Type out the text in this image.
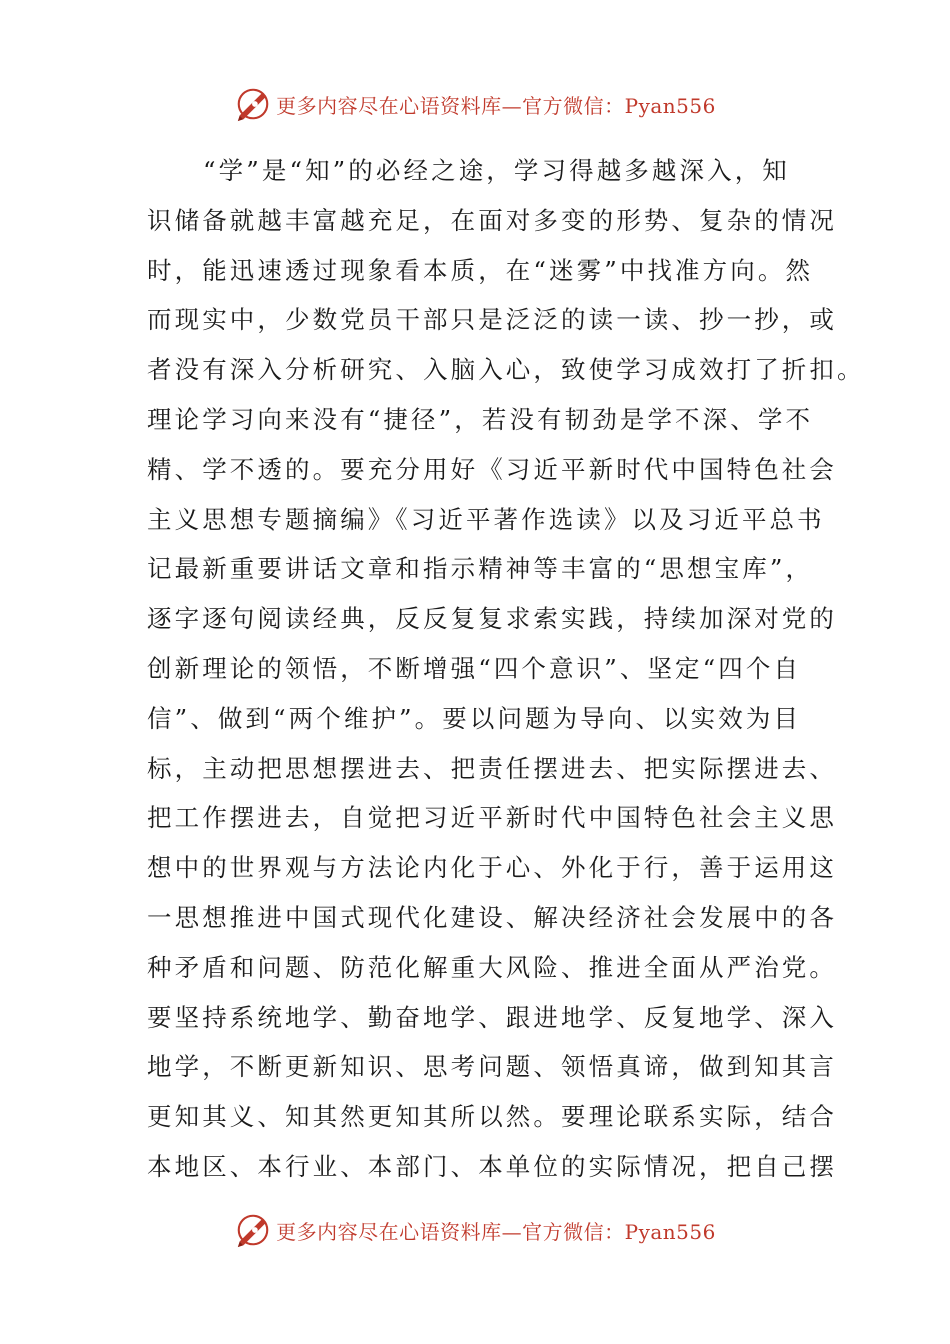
更多内容尽在心语资料库—官方微信：Pyan556
“学”是“知”的必经之途，学习得越多越深入，知
识储备就越丰富越充足，在面对多变的形势、复杂的情况
时，能迅速透过现象看本质，在“迷雾”中找准方向。然
而现实中，少数党员干部只是泛泛的读一读、抄一抄，或
者没有深入分析研究、入脑入心，致使学习成效打了折扣。
理论学习向来没有“捷径”，若没有韧劲是学不深、学不
精、学不透的。要充分用好《习近平新时代中国特色社会
主义思想专题摘编》《习近平著作选读》以及习近平总书
记最新重要讲话文章和指示精神等丰富的“思想宝库”，
逐字逐句阅读经典，反反复复求索实践，持续加深对党的
创新理论的领悟，不断增强“四个意识”、坚定“四个自
信”、做到“两个维护”。要以问题为导向、以实效为目
标，主动把思想摆进去、把责任摆进去、把实际摆进去、
把工作摆进去，自觉把习近平新时代中国特色社会主义思
想中的世界观与方法论内化于心、外化于行，善于运用这
一思想推进中国式现代化建设、解决经济社会发展中的各
种矛盾和问题、防范化解重大风险、推进全面从严治党。
要坚持系统地学、勤奋地学、跟进地学、反复地学、深入
地学，不断更新知识、思考问题、领悟真谛，做到知其言
更知其义、知其然更知其所以然。要理论联系实际，结合
本地区、本行业、本部门、本单位的实际情况，把自己摆
更多内容尽在心语资料库—官方微信：Pyan556
